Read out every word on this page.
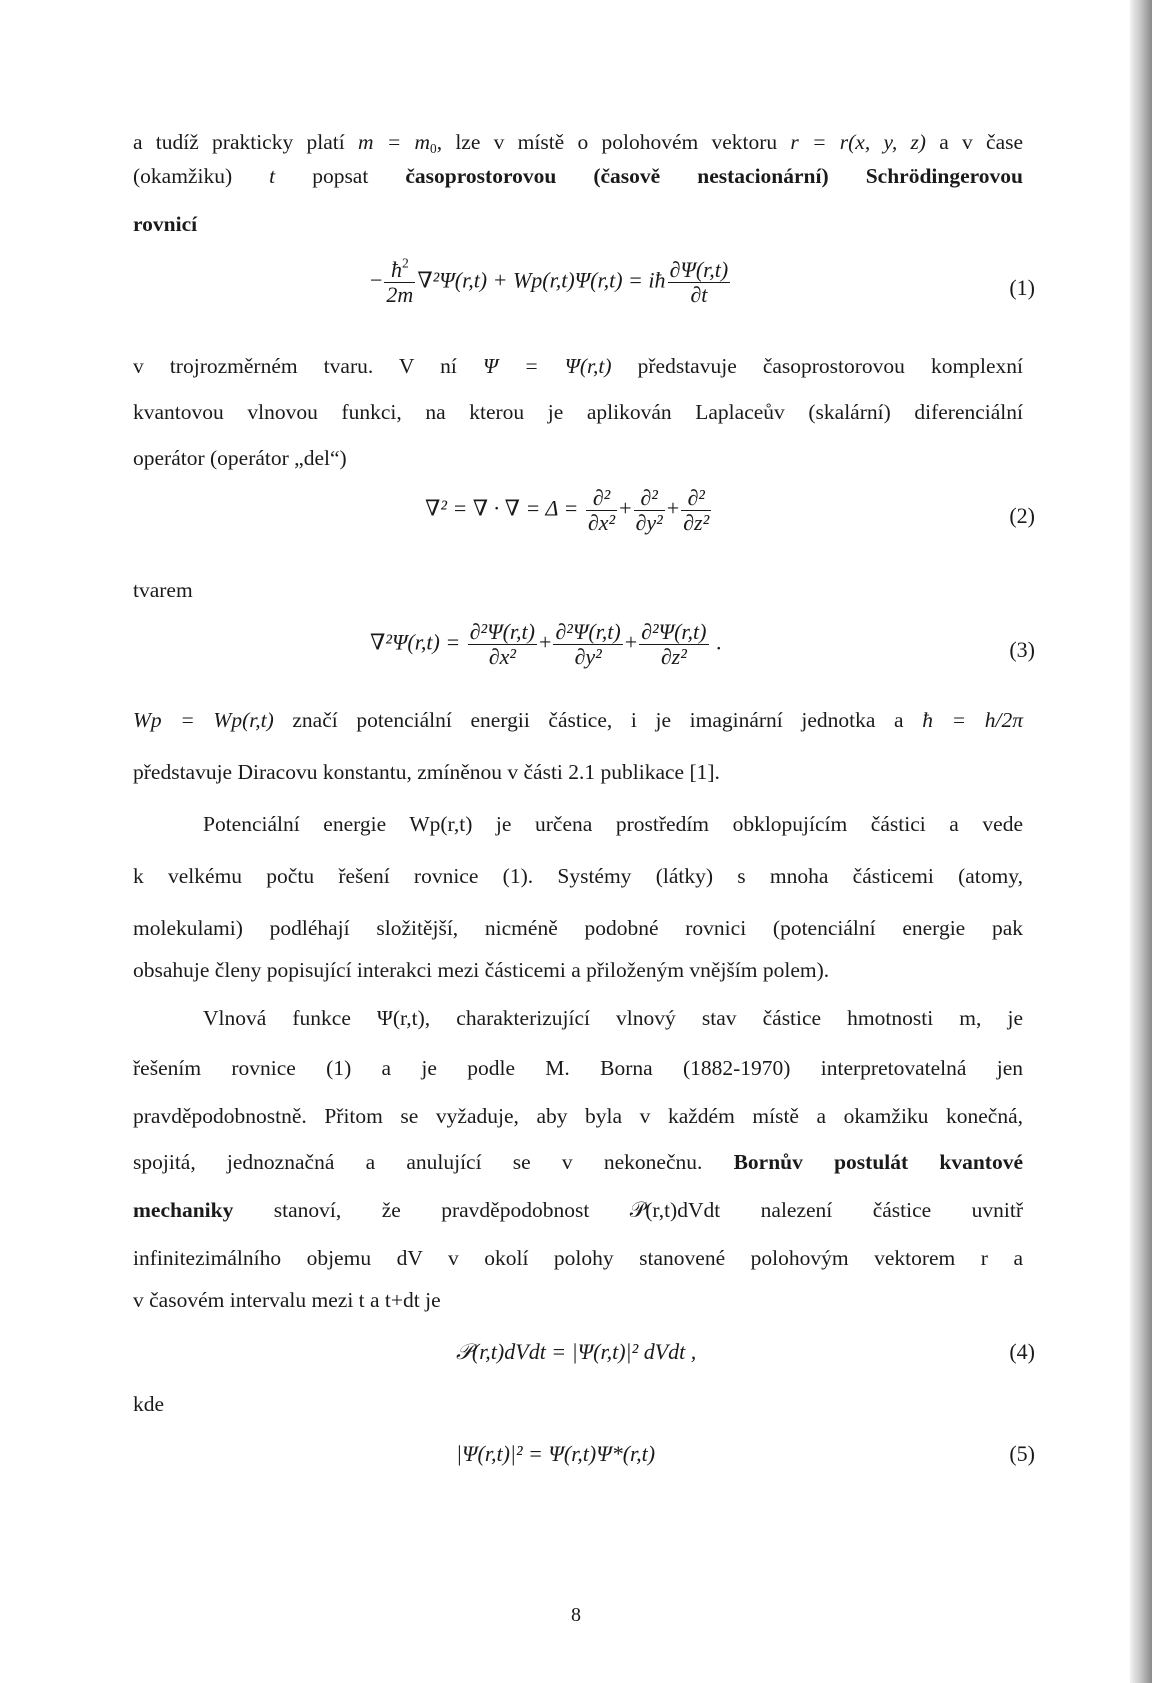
a tudíž prakticky platí $m = m_0$, lze v místě o polohovém vektoru r = r(x, y, z) a v čase
(okamžiku) t popsat časoprostorovou (časově nestacionární) Schrödingerovou
rovnicí
− $\frac{ħ^2}{2m} \nabla^2\Psi(r,t) + Wp(r,t)\Psi(r,t)$ = iħ $\frac{\partial\Psi(r,t)}{\partial t}$	(1)
v trojrozměrném tvaru. V ní Ψ = Ψ(r,t) představuje časoprostorovou komplexní
kvantovou vlnovou funkci, na kterou je aplikován Laplaceův (skalární) diferenciální
operátor (operátor „del“)
∇² = ∇ · ∇ = $\Delta = \frac{\text{∂²}}{\text{∂x²}} + \frac{\text{∂²}}{\text{∂y²}} + \frac{\text{∂²}}{\text{∂z²}}$	(2)
tvarem
$\nabla^2\Psi(r,t) = \frac{\text{∂²Ψ(r,t)}}{\text{∂x²}} + \frac{\text{∂²Ψ(r,t)}}{\text{∂y²}} + \frac{\text{∂²Ψ(r,t)}}{\text{∂z²}}$ .	(3)
Wp = Wp(r,t) značí potenciální energii částice, i je imaginární jednotka a ħ = h/2π
představuje Diracovu konstantu, zmíněnou v části 2.1 publikace [1].
Potenciální energie Wp(r,t) je určena prostředím obklopujícím částici a vede
k velkému počtu řešení rovnice (1). Systémy (látky) s mnoha částicemi (atomy,
molekulami) podléhají složitější, nicméně podobné rovnici (potenciální energie pak
obsahuje členy popisující interakci mezi částicemi a přiloženým vnějším polem).
Vlnová funkce Ψ(r,t), charakterizující vlnový stav částice hmotnosti m, je
řešením rovnice (1) a je podle M. Borna (1882-1970) interpretovatelná jen
pravděpodobnostně. Přitom se vyžaduje, aby byla v každém místě a okamžiku konečná,
spojitá, jednoznačná a anulující se v nekonečnu. Bornův postulát kvantové
mechaniky stanoví, že pravděpodobnost 𝒫(r,t)dVdt nalezení částice uvnitř
infinitezimálního objemu dV v okolí polohy stanovené polohovým vektorem r a
v časovém intervalu mezi t a t+dt je
𝒫(r,t)dVdt = |Ψ(r,t)|² dVdt ,	(4)
kde
|Ψ(r,t)|² = Ψ(r,t)Ψ*(r,t)	(5)
8
